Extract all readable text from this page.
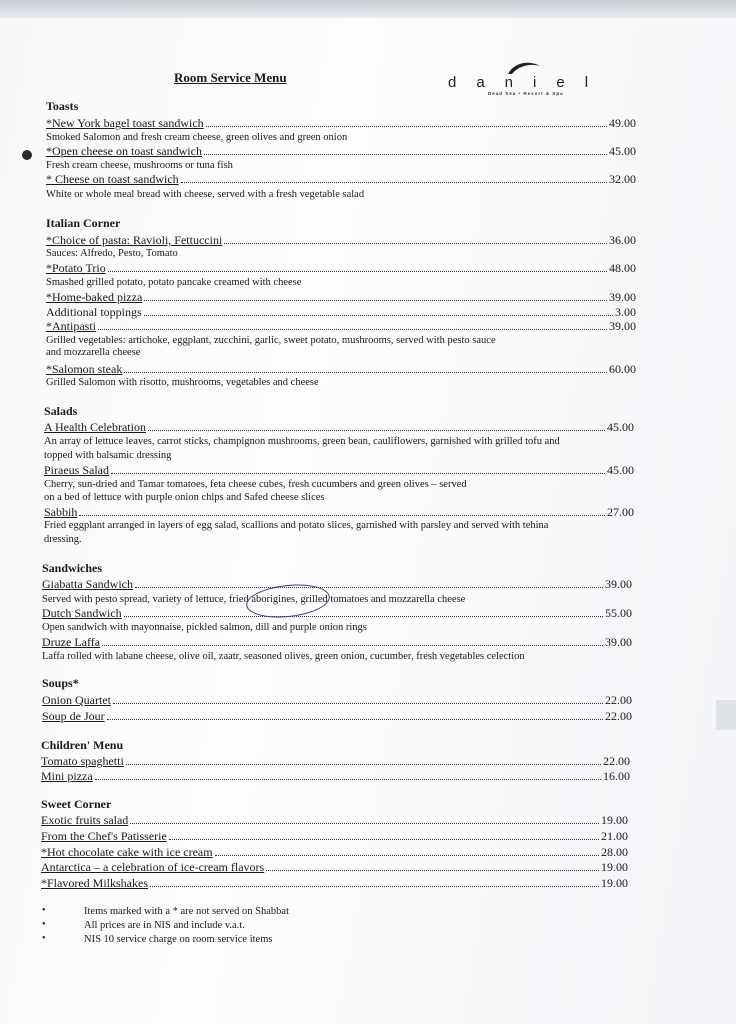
Room Service Menu	daniel
Dead Sea • Resort & Spa
Toasts
*New York bagel toast sandwich	49.00
Smoked Salomon and fresh cream cheese, green olives and green onion
*Open cheese on toast sandwich	45.00
Fresh cream cheese, mushrooms or tuna fish
* Cheese on toast sandwich	32.00
White or whole meal bread with cheese, served with a fresh vegetable salad
Italian Corner
*Choice of pasta: Ravioli, Fettuccini	36.00
Sauces: Alfredo, Pesto, Tomato
*Potato Trio	48.00
Smashed grilled potato, potato pancake creamed with cheese
*Home-baked pizza	39.00
Additional toppings	3.00
*Antipasti	39.00
Grilled vegetables: artichoke, eggplant, zucchini, garlic, sweet potato, mushrooms, served with pesto sauce
and mozzarella cheese
*Salomon steak	60.00
Grilled Salomon with risotto, mushrooms, vegetables and cheese
Salads
A Health Celebration	45.00
An array of lettuce leaves, carrot sticks, champignon mushrooms, green bean, cauliflowers, garnished with grilled tofu and
topped with balsamic dressing
Piraeus Salad	45.00
Cherry, sun-dried and Tamar tomatoes, feta cheese cubes, fresh cucumbers and green olives – served
on a bed of lettuce with purple onion chips and Safed cheese slices
Sabbih	27.00
Fried eggplant arranged in layers of egg salad, scallions and potato slices, garnished with parsley and served with tehina
dressing.
Sandwiches
Giabatta Sandwich	39.00
Served with pesto spread, variety of lettuce, fried aborigines, grilled tomatoes and mozzarella cheese
Dutch Sandwich	55.00
Open sandwich with mayonnaise, pickled salmon, dill and purple onion rings
Druze Laffa	39.00
Laffa rolled with labane cheese, olive oil, zaatr, seasoned olives, green onion, cucumber, fresh vegetables celection
Soups*
Onion Quartet	22.00
Soup de Jour	22.00
Children' Menu
Tomato spaghetti	22.00
Mini pizza	16.00
Sweet Corner
Exotic fruits salad	19.00
From the Chef's Patisserie	21.00
*Hot chocolate cake with ice cream	28.00
Antarctica – a celebration of ice-cream flavors	19.00
*Flavored Milkshakes	19.00
•	Items marked with a * are not served on Shabbat
•	All prices are in NIS and include v.a.t.
•	NIS 10 service charge on room service items
